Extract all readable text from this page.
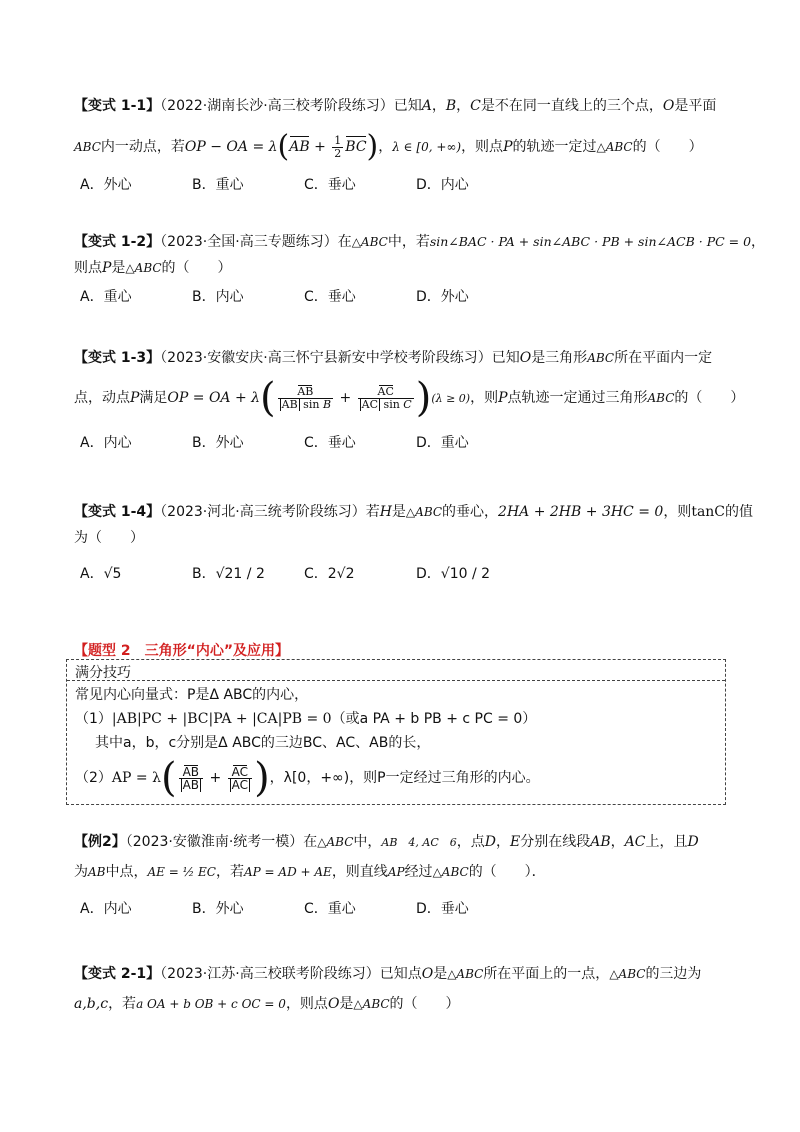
【变式 1-1】（2022·湖南长沙·高三校考阶段练习）已知A，B，C是不在同一直线上的三个点，O是平面
ABC内一动点，若OP − OA = $\lambda(AB + \frac{1}{2} BC)$，λ ∈ [0, +∞)，则点P的轨迹一定过△ABC的（　　）
A．外心	B．重心	C．垂心	D．内心
【变式 1-2】（2023·全国·高三专题练习）在△ABC中，若sin∠BAC · PA + sin∠ABC · PB + sin∠ACB · PC = 0，
则点P是△ABC的（　　）
A．重心	B．内心	C．垂心	D．外心
【变式 1-3】（2023·安徽安庆·高三怀宁县新安中学校考阶段练习）已知O是三角形ABC所在平面内一定
点，动点P满足OP = OA + $\lambda( \frac{AB}{\text{AB sin B}} + \frac{AC}{\text{AC sin C}} )(\lambda \ge 0)$，则P点轨迹一定通过三角形ABC的（　　）
A．内心	B．外心	C．垂心	D．重心
【变式 1-4】（2023·河北·高三统考阶段练习）若H是△ABC的垂心，2HA + 2HB + 3HC = 0，则tanC的值
为（　　）
A．√5	B．√21 / 2	C．2√2	D．√10 / 2
【题型 2　三角形“内心”及应用】
满分技巧
常见内心向量式：P是Δ ABC的内心，
（1）|AB|PC + |BC|PA + |CA|PB = 0（或a PA + b PB + c PC = 0）
其中a，b，c分别是Δ ABC的三边BC、AC、AB的长，
$(2)AP = \lambda( \frac{AB}{AB} + \frac{AC}{AC}$ )，λ[0，+∞)，则P一定经过三角形的内心。
【例2】（2023·安徽淮南·统考一模）在△ABC中，AB　4, AC　6，点D，E分别在线段AB，AC上，且D
为AB中点，AE = ½ EC，若AP = AD + AE，则直线AP经过△ABC的（　　）．
A．内心	B．外心	C．重心	D．垂心
【变式 2-1】（2023·江苏·高三校联考阶段练习）已知点O是△ABC所在平面上的一点，△ABC的三边为
a,b,c，若a OA + b OB + c OC = 0，则点O是△ABC的（　　）
